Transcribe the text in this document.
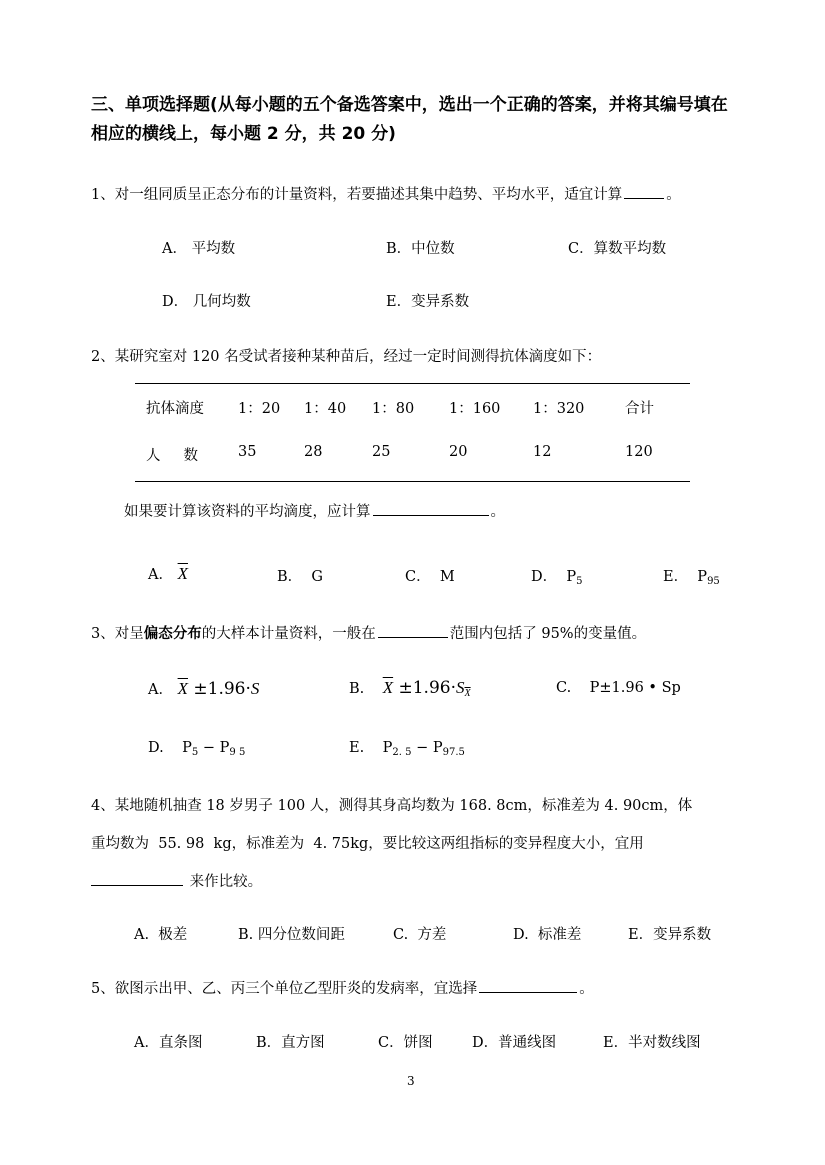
三、单项选择题(从每小题的五个备选答案中，选出一个正确的答案，并将其编号填在相应的横线上，每小题 2 分，共 20 分)
1、对一组同质呈正态分布的计量资料，若要描述其集中趋势、平均水平，适宜计算	。
A． 平均数	B．中位数	C．算数平均数
D． 几何均数	E．变异系数
2、某研究室对 120 名受试者接种某种苗后，经过一定时间测得抗体滴度如下：
抗体滴度 1：20 1：40 1：80 1：160 1：320	合计
人     数	35	28	25	20	12	120
如果要计算该资料的平均滴度，应计算	。
A． $\overline{X}$	B．  G	C．  M	D．  $P_5$	E．  $P_{95}$
3、对呈偏态分布的大样本计量资料，一般在	范围内包括了 95%的变量值。
A． $\overline{X} \pm 1.96\cdot S$	B. $\overline{X} \pm 1.96\cdot S_{\overline{X}}$	C.    P±1.96 • Sp
D.    $P_5 - P_{9 5}$	E.    $P_{2. 5} - P_{97.5}$
4、某地随机抽查 18 岁男子 100 人，测得其身高均数为 168. 8cm，标准差为 4. 90cm，体
重均数为  55. 98  kg，标准差为  4. 75kg，要比较这两组指标的变异程度大小，宜用
来作比较。
A.  极差	B. 四分位数间距	C.  方差	D.  标准差	E．变异系数
5、欲图示出甲、乙、丙三个单位乙型肝炎的发病率，宜选择	。
A．直条图	B．直方图	C．饼图	D．普通线图	E．半对数线图
3
